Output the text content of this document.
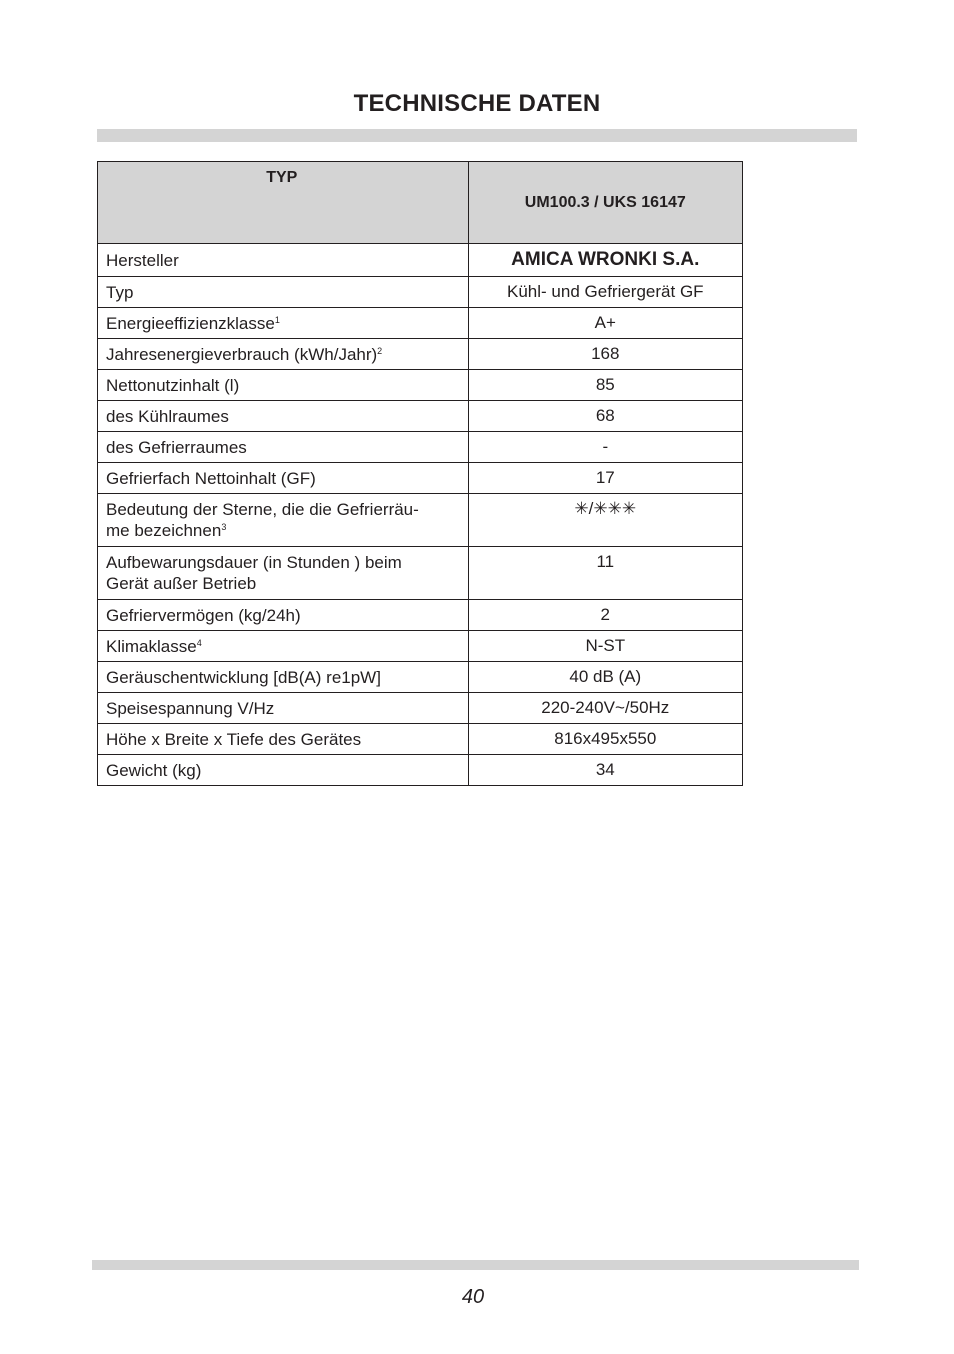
TECHNISCHE DATEN
TYP	UM100.3 / UKS 16147
Hersteller	AMICA WRONKI S.A.
Typ	Kühl- und Gefriergerät GF
Energieeffizienzklasse$^1$	A+
Jahresenergieverbrauch (kWh/Jahr)$^2$	168
Nettonutzinhalt (l)	85
des Kühlraumes	68
des Gefrierraumes	-
Gefrierfach Nettoinhalt (GF)	17
Bedeutung der Sterne, die die Gefrierräu-
me bezeichnen$^3$	✳/✳✳✳
Aufbewarungsdauer (in Stunden ) beim
Gerät außer Betrieb	11
Gefriervermögen (kg/24h)	2
Klimaklasse$^4$	N-ST
Geräuschentwicklung [dB(A) re1pW]	40 dB (A)
Speisespannung V/Hz	220-240V~/50Hz
Höhe x Breite x Tiefe des Gerätes	816x495x550
Gewicht (kg)	34
40
